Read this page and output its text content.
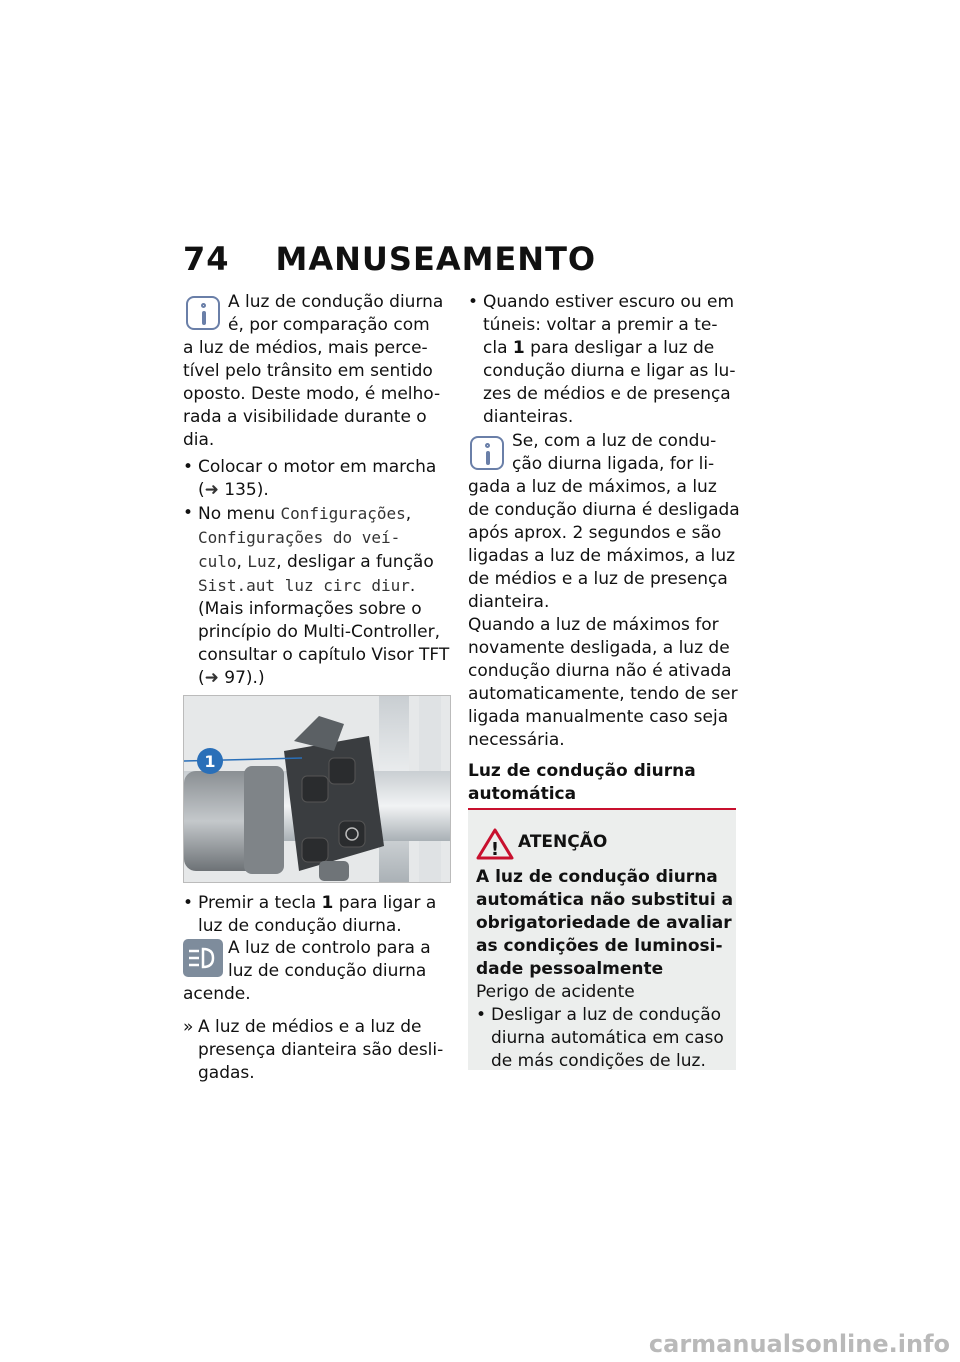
74 MANUSEAMENTO

A luz de condução diurna

é, por comparação com

a luz de médios, mais perce-

tível pelo trânsito em sentido

oposto. Deste modo, é melho-

rada a visibilidade durante o

dia.

• Colocar o motor em marcha

(➜ 135).

• No menu Configurações,

Configurações do veí-

culo, Luz, desligar a função

Sist.aut luz circ diur.

(Mais informações sobre o

princípio do Multi-Controller,

consultar o capítulo Visor TFT

(➜ 97).)

1

• Premir a tecla 1 para ligar a

luz de condução diurna.

A luz de controlo para a

luz de condução diurna

acende.

» A luz de médios e a luz de

presença dianteira são desli-

gadas.

• Quando estiver escuro ou em

túneis: voltar a premir a te-

cla 1 para desligar a luz de

condução diurna e ligar as lu-

zes de médios e de presença

dianteiras.

Se, com a luz de condu-

ção diurna ligada, for li-

gada a luz de máximos, a luz

de condução diurna é desligada

após aprox. 2 segundos e são

ligadas a luz de máximos, a luz

de médios e a luz de presença

dianteira.

Quando a luz de máximos for

novamente desligada, a luz de

condução diurna não é ativada

automaticamente, tendo de ser

ligada manualmente caso seja

necessária.

Luz de condução diurna

automática

! ATENÇÃO

A luz de condução diurna

automática não substitui a

obrigatoriedade de avaliar

as condições de luminosi-

dade pessoalmente

Perigo de acidente

• Desligar a luz de condução

diurna automática em caso

de más condições de luz.

carmanualsonline.info
